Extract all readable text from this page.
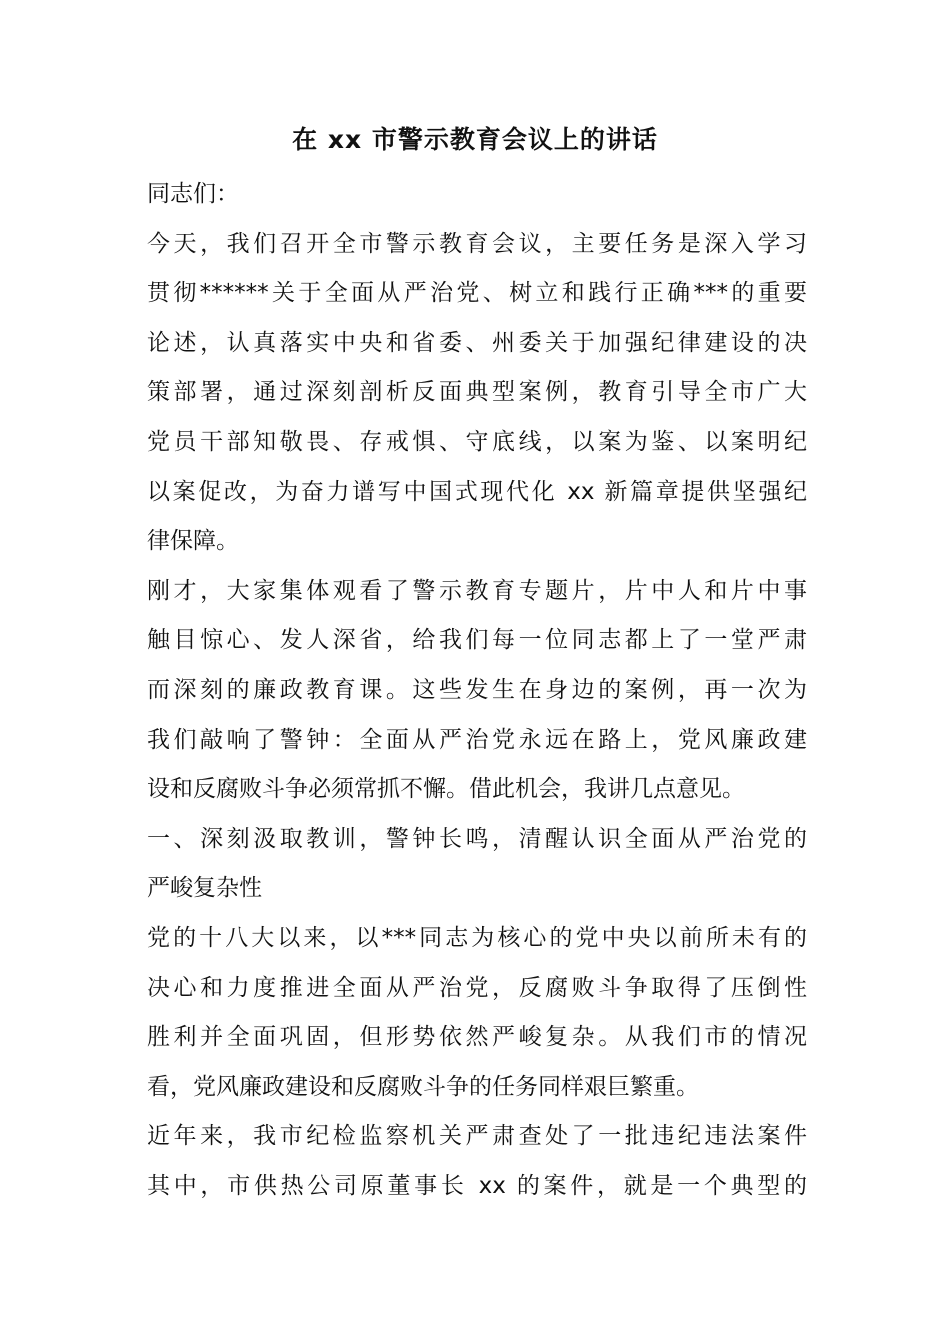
在 xx 市警示教育会议上的讲话
同志们：
今天，我们召开全市警示教育会议，主要任务是深入学习
贯彻******关于全面从严治党、树立和践行正确***的重要
论述，认真落实中央和省委、州委关于加强纪律建设的决
策部署，通过深刻剖析反面典型案例，教育引导全市广大
党员干部知敬畏、存戒惧、守底线，以案为鉴、以案明纪
以案促改，为奋力谱写中国式现代化 xx 新篇章提供坚强纪
律保障。
刚才，大家集体观看了警示教育专题片，片中人和片中事
触目惊心、发人深省，给我们每一位同志都上了一堂严肃
而深刻的廉政教育课。这些发生在身边的案例，再一次为
我们敲响了警钟：全面从严治党永远在路上，党风廉政建
设和反腐败斗争必须常抓不懈。借此机会，我讲几点意见。
一、深刻汲取教训，警钟长鸣，清醒认识全面从严治党的
严峻复杂性
党的十八大以来，以***同志为核心的党中央以前所未有的
决心和力度推进全面从严治党，反腐败斗争取得了压倒性
胜利并全面巩固，但形势依然严峻复杂。从我们市的情况
看，党风廉政建设和反腐败斗争的任务同样艰巨繁重。
近年来，我市纪检监察机关严肃查处了一批违纪违法案件
其中，市供热公司原董事长 xx 的案件，就是一个典型的
